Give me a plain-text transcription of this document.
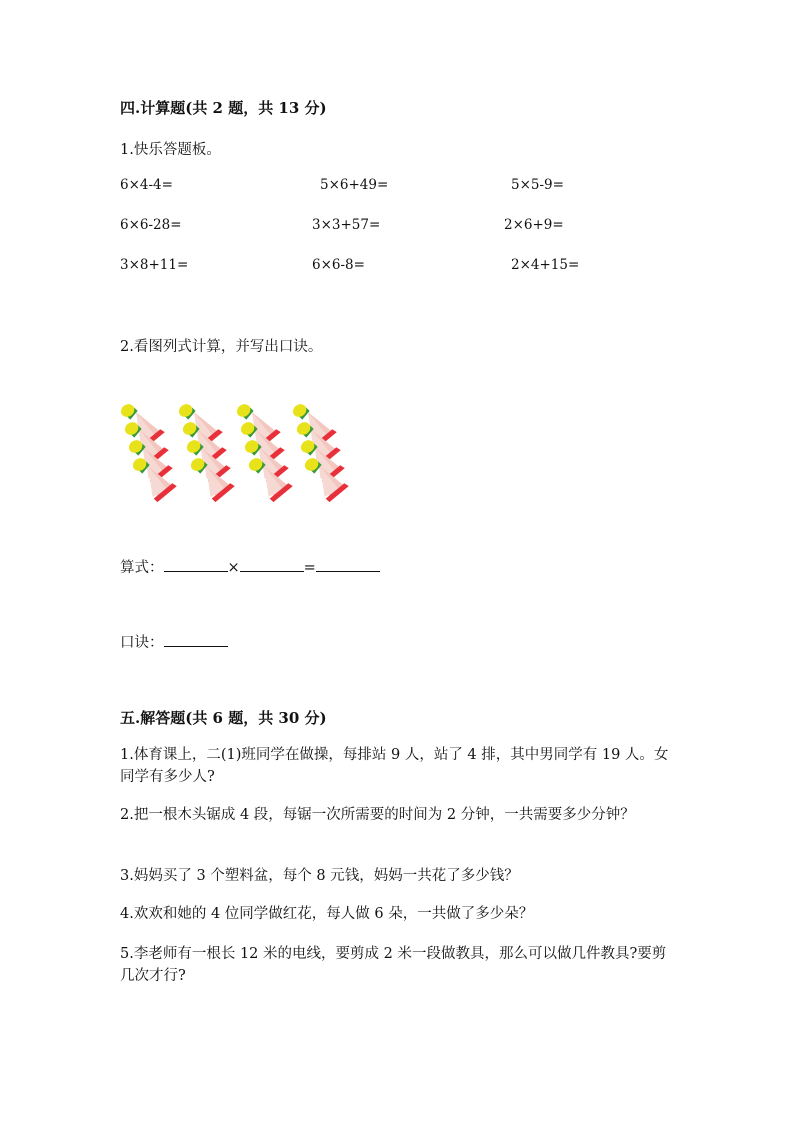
四.计算题(共 2 题，共 13 分)
1.快乐答题板。
6×4-4=	5×6+49=	5×5-9=
6×6-28=	3×3+57=	2×6+9=
3×8+11=	6×6-8=	2×4+15=
2.看图列式计算，并写出口诀。
算式：	×	=
口诀：
五.解答题(共 6 题，共 30 分)
1.体育课上，二(1)班同学在做操，每排站 9 人，站了 4 排，其中男同学有 19 人。女同学有多少人?
2.把一根木头锯成 4 段，每锯一次所需要的时间为 2 分钟，一共需要多少分钟？
3.妈妈买了 3 个塑料盆，每个 8 元钱，妈妈一共花了多少钱？
4.欢欢和她的 4 位同学做红花，每人做 6 朵，一共做了多少朵？
5.李老师有一根长 12 米的电线，要剪成 2 米一段做教具，那么可以做几件教具?要剪几次才行?
